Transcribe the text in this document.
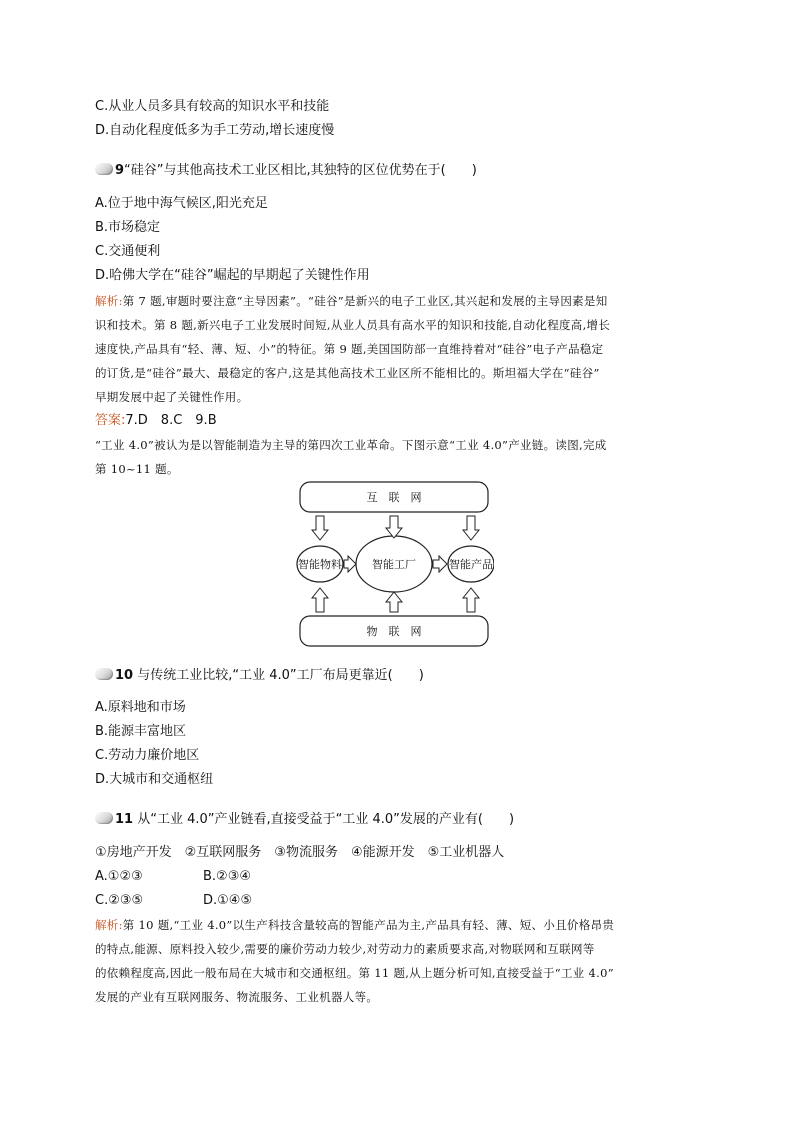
C.从业人员多具有较高的知识水平和技能
D.自动化程度低多为手工劳动,增长速度慢
9“硅谷”与其他高技术工业区相比,其独特的区位优势在于(　　)
A.位于地中海气候区,阳光充足
B.市场稳定
C.交通便利
D.哈佛大学在“硅谷”崛起的早期起了关键性作用
解析:第 7 题,审题时要注意“主导因素”。“硅谷”是新兴的电子工业区,其兴起和发展的主导因素是知
识和技术。第 8 题,新兴电子工业发展时间短,从业人员具有高水平的知识和技能,自动化程度高,增长
速度快,产品具有“轻、薄、短、小”的特征。第 9 题,美国国防部一直维持着对“硅谷”电子产品稳定
的订货,是“硅谷”最大、最稳定的客户,这是其他高技术工业区所不能相比的。斯坦福大学在“硅谷”
早期发展中起了关键性作用。
答案:7.D　8.C　9.B
“工业 4.0”被认为是以智能制造为主导的第四次工业革命。下图示意“工业 4.0”产业链。读图,完成
第 10~11 题。
互　联　网
物　联　网
智能物料	智能工厂	智能产品
10 与传统工业比较,“工业 4.0”工厂布局更靠近(　　)
A.原料地和市场
B.能源丰富地区
C.劳动力廉价地区
D.大城市和交通枢纽
11 从“工业 4.0”产业链看,直接受益于“工业 4.0”发展的产业有(　　)
①房地产开发　②互联网服务　③物流服务　④能源开发　⑤工业机器人
A.①②③	B.②③④
C.②③⑤	D.①④⑤
解析:第 10 题,“工业 4.0”以生产科技含量较高的智能产品为主,产品具有轻、薄、短、小且价格昂贵
的特点,能源、原料投入较少,需要的廉价劳动力较少,对劳动力的素质要求高,对物联网和互联网等
的依赖程度高,因此一般布局在大城市和交通枢纽。第 11 题,从上题分析可知,直接受益于“工业 4.0”
发展的产业有互联网服务、物流服务、工业机器人等。
